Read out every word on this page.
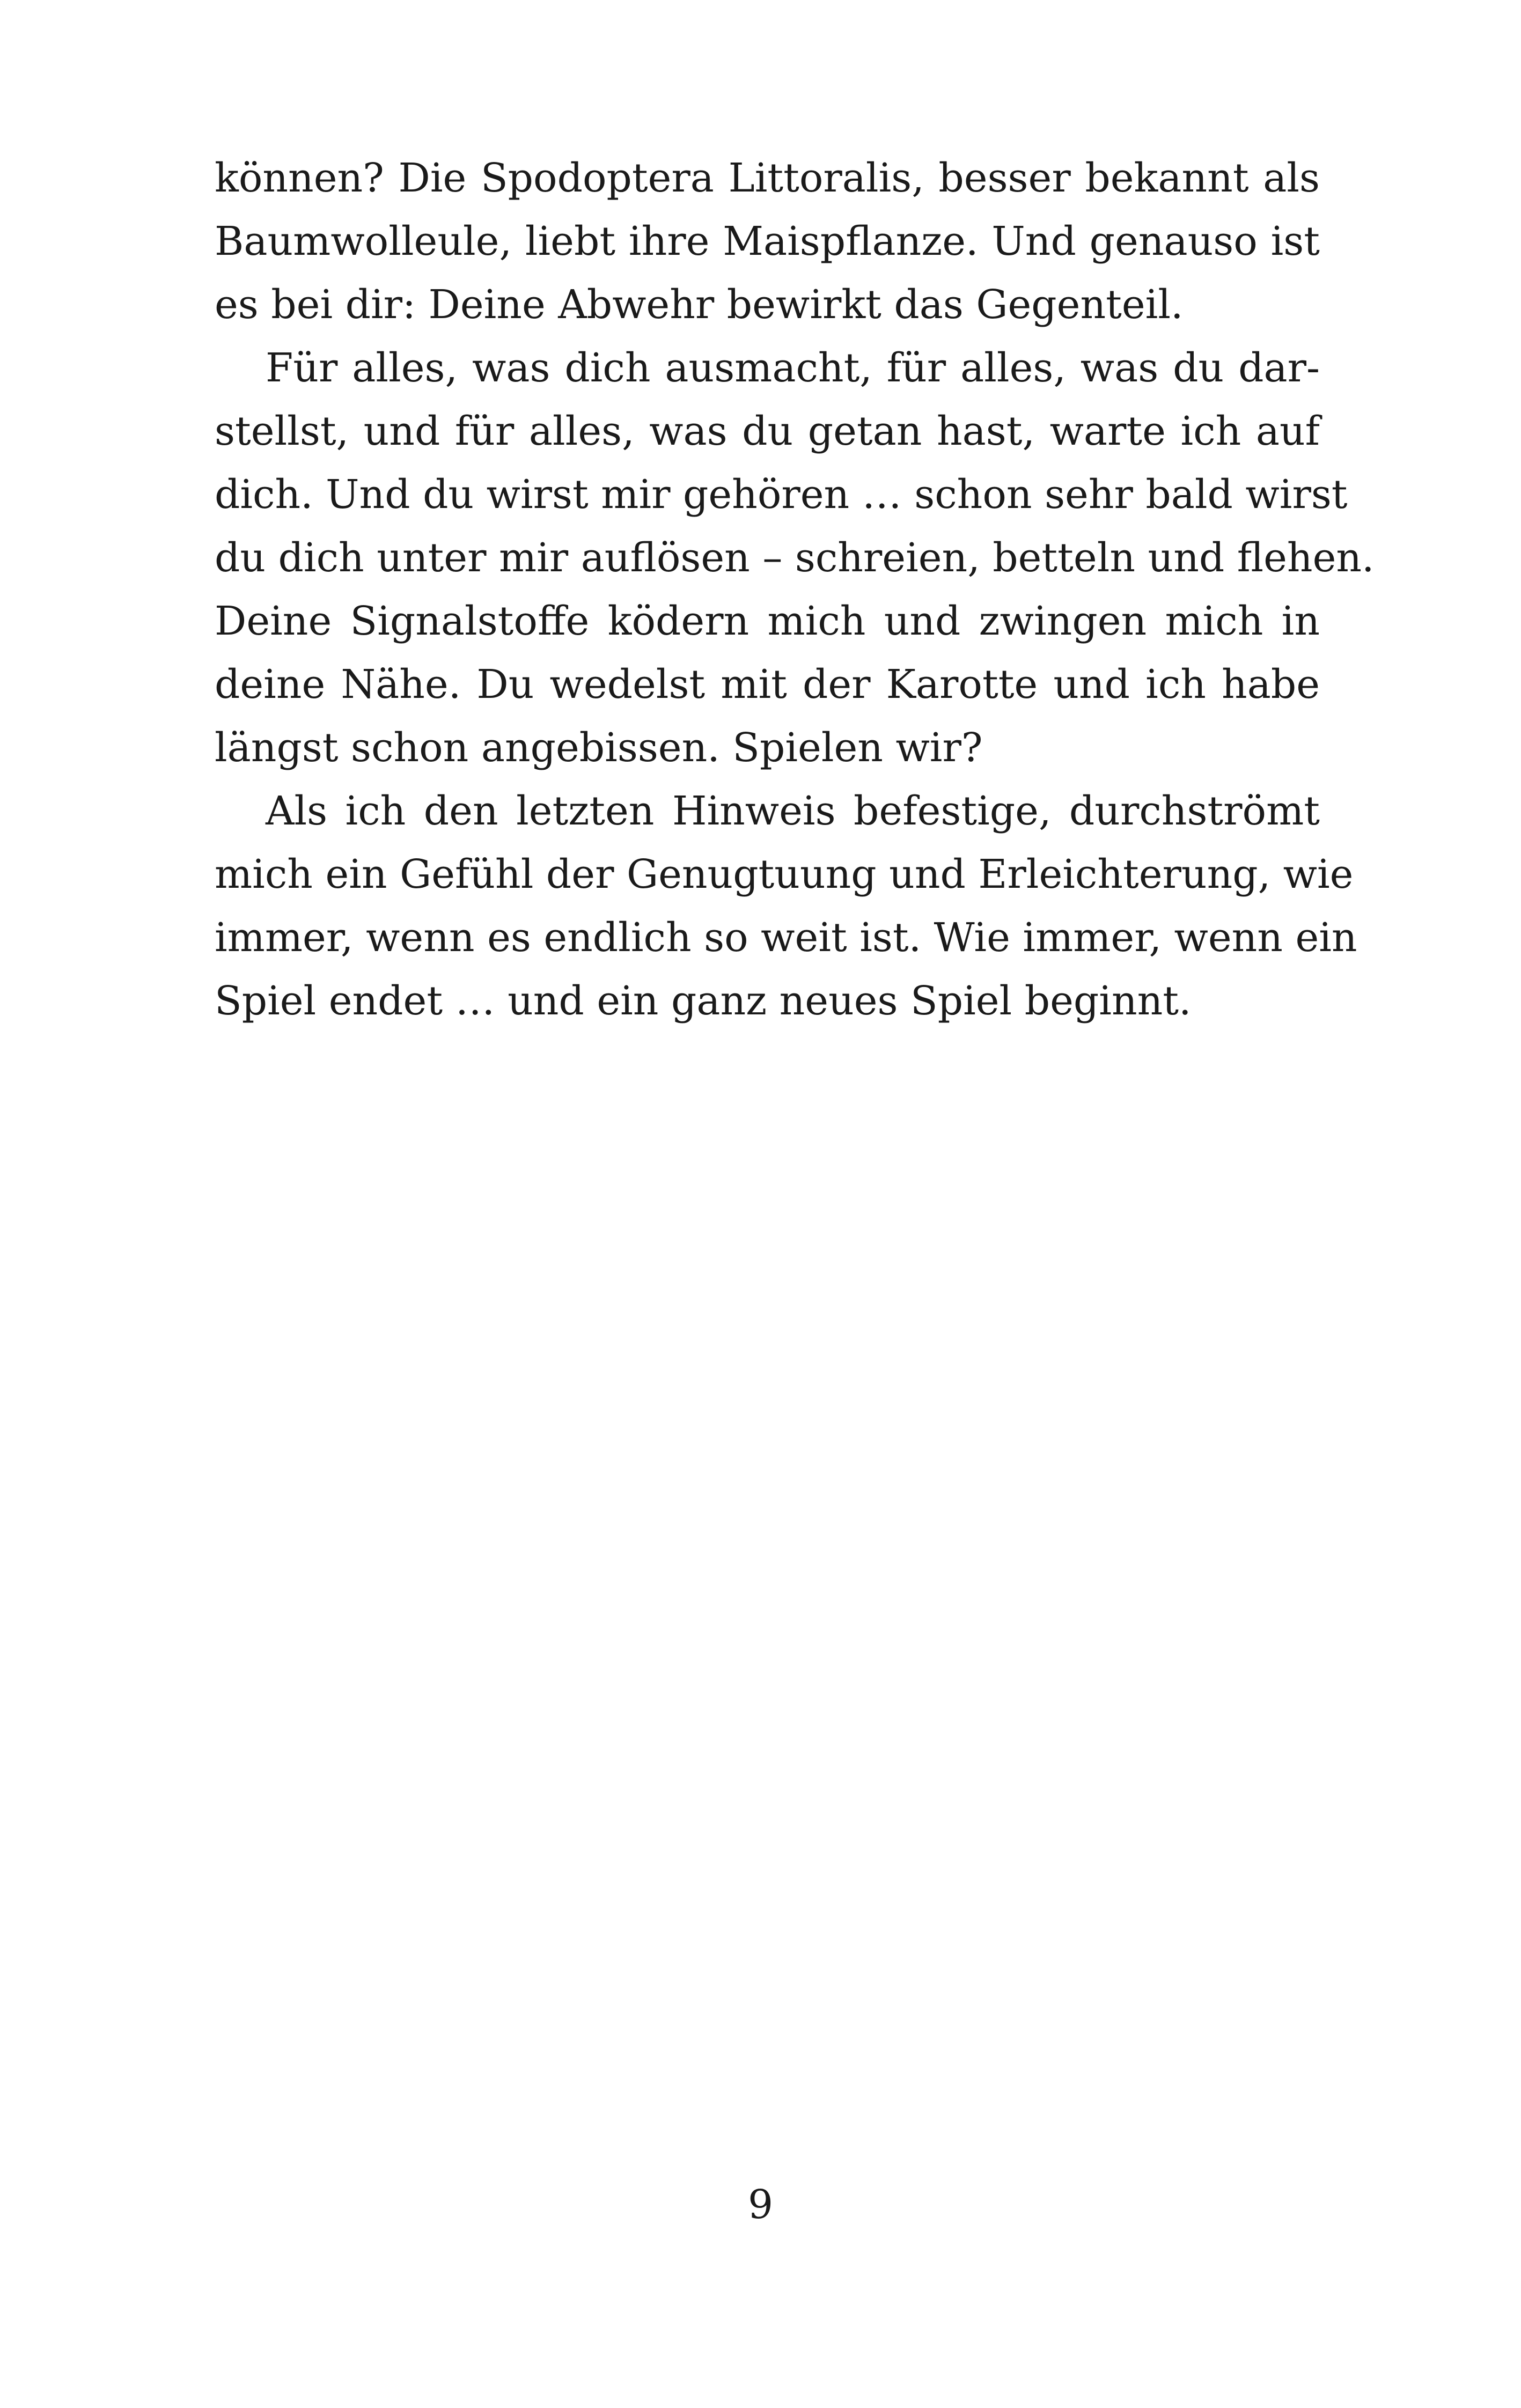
können? Die Spodoptera Littoralis, besser bekannt als
Baumwolleule, liebt ihre Maispflanze. Und genauso ist
es bei dir: Deine Abwehr bewirkt das Gegenteil.
Für alles, was dich ausmacht, für alles, was du dar-
stellst, und für alles, was du getan hast, warte ich auf
dich. Und du wirst mir gehören … schon sehr bald wirst
du dich unter mir auflösen – schreien, betteln und flehen.
Deine Signalstoffe ködern mich und zwingen mich in
deine Nähe. Du wedelst mit der Karotte und ich habe
längst schon angebissen. Spielen wir?
Als ich den letzten Hinweis befestige, durchströmt
mich ein Gefühl der Genugtuung und Erleichterung, wie
immer, wenn es endlich so weit ist. Wie immer, wenn ein
Spiel endet … und ein ganz neues Spiel beginnt.
9
